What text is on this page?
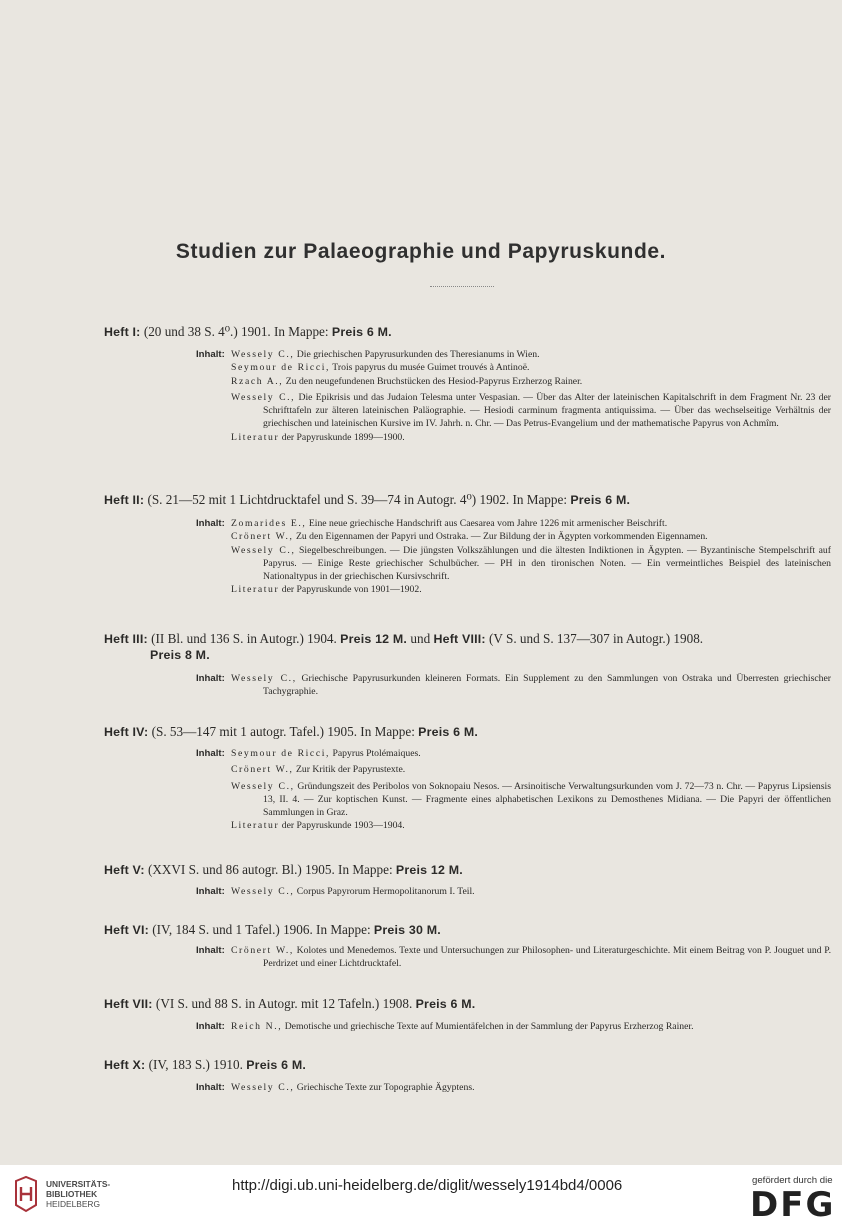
Studien zur Palaeographie und Papyruskunde.
Heft I: (20 und 38 S. 4⁰.) 1901. In Mappe: Preis 6 M.
Inhalt: Wessely C., Die griechischen Papyrusurkunden des Theresianums in Wien.
Seymour de Ricci, Trois papyrus du musée Guimet trouvés à Antinoë.
Rzach A., Zu den neugefundenen Bruchstücken des Hesiod-Papyrus Erzherzog Rainer.
Wessely C., Die Epikrisis und das Judaion Telesma unter Vespasian. — Über das Alter der lateinischen Kapitalschrift in dem Fragment Nr. 23 der Schrifttafeln zur älteren lateinischen Paläographie. — Hesiodi carminum fragmenta antiquissima. — Über das wechselseitige Verhältnis der griechischen und lateinischen Kursive im IV. Jahrh. n. Chr. — Das Petrus-Evangelium und der mathematische Papyrus von Achmîm.
Literatur der Papyruskunde 1899—1900.
Heft II: (S. 21—52 mit 1 Lichtdrucktafel und S. 39—74 in Autogr. 4⁰) 1902. In Mappe: Preis 6 M.
Inhalt: Zomarides E., Eine neue griechische Handschrift aus Caesarea vom Jahre 1226 mit armenischer Beischrift.
Crönert W., Zu den Eigennamen der Papyri und Ostraka. — Zur Bildung der in Ägypten vorkommenden Eigennamen.
Wessely C., Siegelbeschreibungen. — Die jüngsten Volkszählungen und die ältesten Indiktionen in Ägypten. — Byzantinische Stempelschrift auf Papyrus. — Einige Reste griechischer Schulbücher. — PH in den tironischen Noten. — Ein vermeintliches Beispiel des lateinischen Nationaltypus in der griechischen Kursivschrift.
Literatur der Papyruskunde von 1901—1902.
Heft III: (II Bl. und 136 S. in Autogr.) 1904. Preis 12 M. und Heft VIII: (V S. und S. 137—307 in Autogr.) 1908.
Preis 8 M.
Inhalt: Wessely C., Griechische Papyrusurkunden kleineren Formats. Ein Supplement zu den Sammlungen von Ostraka und Überresten griechischer Tachygraphie.
Heft IV: (S. 53—147 mit 1 autogr. Tafel.) 1905. In Mappe: Preis 6 M.
Inhalt: Seymour de Ricci, Papyrus Ptolémaiques.
Crönert W., Zur Kritik der Papyrustexte.
Wessely C., Gründungszeit des Peribolos von Soknopaiu Nesos. — Arsinoitische Verwaltungsurkunden vom J. 72—73 n. Chr. — Papyrus Lipsiensis 13, II. 4. — Zur koptischen Kunst. — Fragmente eines alphabetischen Lexikons zu Demosthenes Midiana. — Die Papyri der öffentlichen Sammlungen in Graz.
Literatur der Papyruskunde 1903—1904.
Heft V: (XXVI S. und 86 autogr. Bl.) 1905. In Mappe: Preis 12 M.
Inhalt: Wessely C., Corpus Papyrorum Hermopolitanorum I. Teil.
Heft VI: (IV, 184 S. und 1 Tafel.) 1906. In Mappe: Preis 30 M.
Inhalt: Crönert W., Kolotes und Menedemos. Texte und Untersuchungen zur Philosophen- und Literaturgeschichte. Mit einem Beitrag von P. Jouguet und P. Perdrizet und einer Lichtdrucktafel.
Heft VII: (VI S. und 88 S. in Autogr. mit 12 Tafeln.) 1908. Preis 6 M.
Inhalt: Reich N., Demotische und griechische Texte auf Mumientäfelchen in der Sammlung der Papyrus Erzherzog Rainer.
Heft X: (IV, 183 S.) 1910. Preis 6 M.
Inhalt: Wessely C., Griechische Texte zur Topographie Ägyptens.
UNIVERSITÄTS-
BIBLIOTHEK
HEIDELBERG
http://digi.ub.uni-heidelberg.de/diglit/wessely1914bd4/0006	gefördert durch die
DFG
